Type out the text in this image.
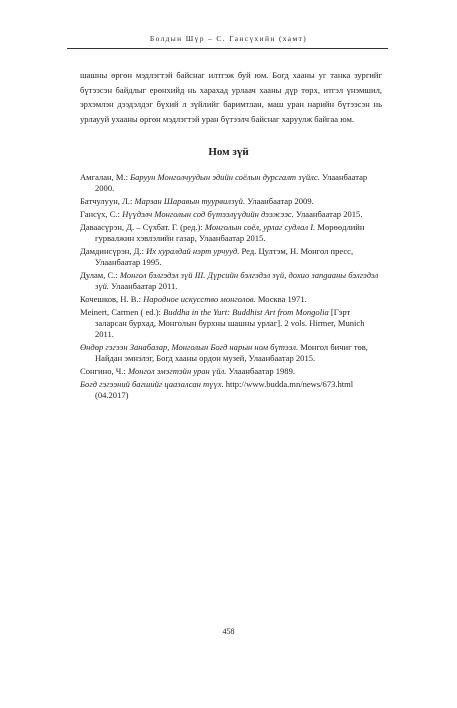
Болдын Шүр – С. Гансүхийн (хамт)

шашны өргөн мэдлэгтэй байснаг илтгэж буй юм. Богд хааны уг танка зургийг бүтээсэн байдлыг ерөнхийд нь харахад урлаач хааны дүр төрх, итгэл үнэмшил, эрхэмлэн дээдэлдэг бүхий л зүйлийг баримтлан, маш уран нарийн бүтээсэн нь урлаууй ухааны өргөн мэдлэгтэй уран бүтээлч байснаг харуулж байгаа юм.

Ном зүй

Амгалан, М.: Баруун Монголчуудын эдийн соёлын дурсгалт зүйлс. Улаанбаатар 2000.

Батчулуун, Л.: Марзан Шаравын туурвилзүй. Улаанбаатар 2009.

Гансүх, С.: Нүүдэлч Монголын сод бүтээлүүдийн дээжээс. Улаанбаатар 2015.

Даваасүрэн, Д. – Сүхбат. Г. (ред.): Монголын соёл, урлаг судлал I. Мөрөөдлийн гурвалжин хэвлэлийн газар, Улаанбаатар 2015.

Дамдинсүрэн, Д.: Их хуралдай нэрт урчууд. Ред. Цултэм, Н. Монгол пресс, Улаанбаатар 1995.

Дулам, С.: Монгол бэлгэдэл зүй III. Дүрсийн бэлгэдэл зүй, дохио заngaaны бэлгэдэл зүй. Улаанбаатар 2011.

Кочешков, Н. В.: Народное искусство монголов. Москва 1971.

Meinert, Carmen ( ed.): Buddha in the Yurt: Buddhist Art from Mongolia [Гэрт заларсан бурхад, Монголын бурхны шашны урлаг]. 2 vols. Hirmer, Munich 2011.

Өндөр гэгээн Занабазар, Монголын Богд нарын ном бүтээл. Монгол бичиг төв, Найдан эмнэлэг, Богд хааны ордон музей, Улаанбаатар 2015.

Сонгино, Ч.: Монгол эмэгтэйн уран үйл. Улаанбаатар 1989.

Богд гэгээний багшийг цаазалсан түүх. http://www.budda.mn/news/673.html (04.2017)

458
